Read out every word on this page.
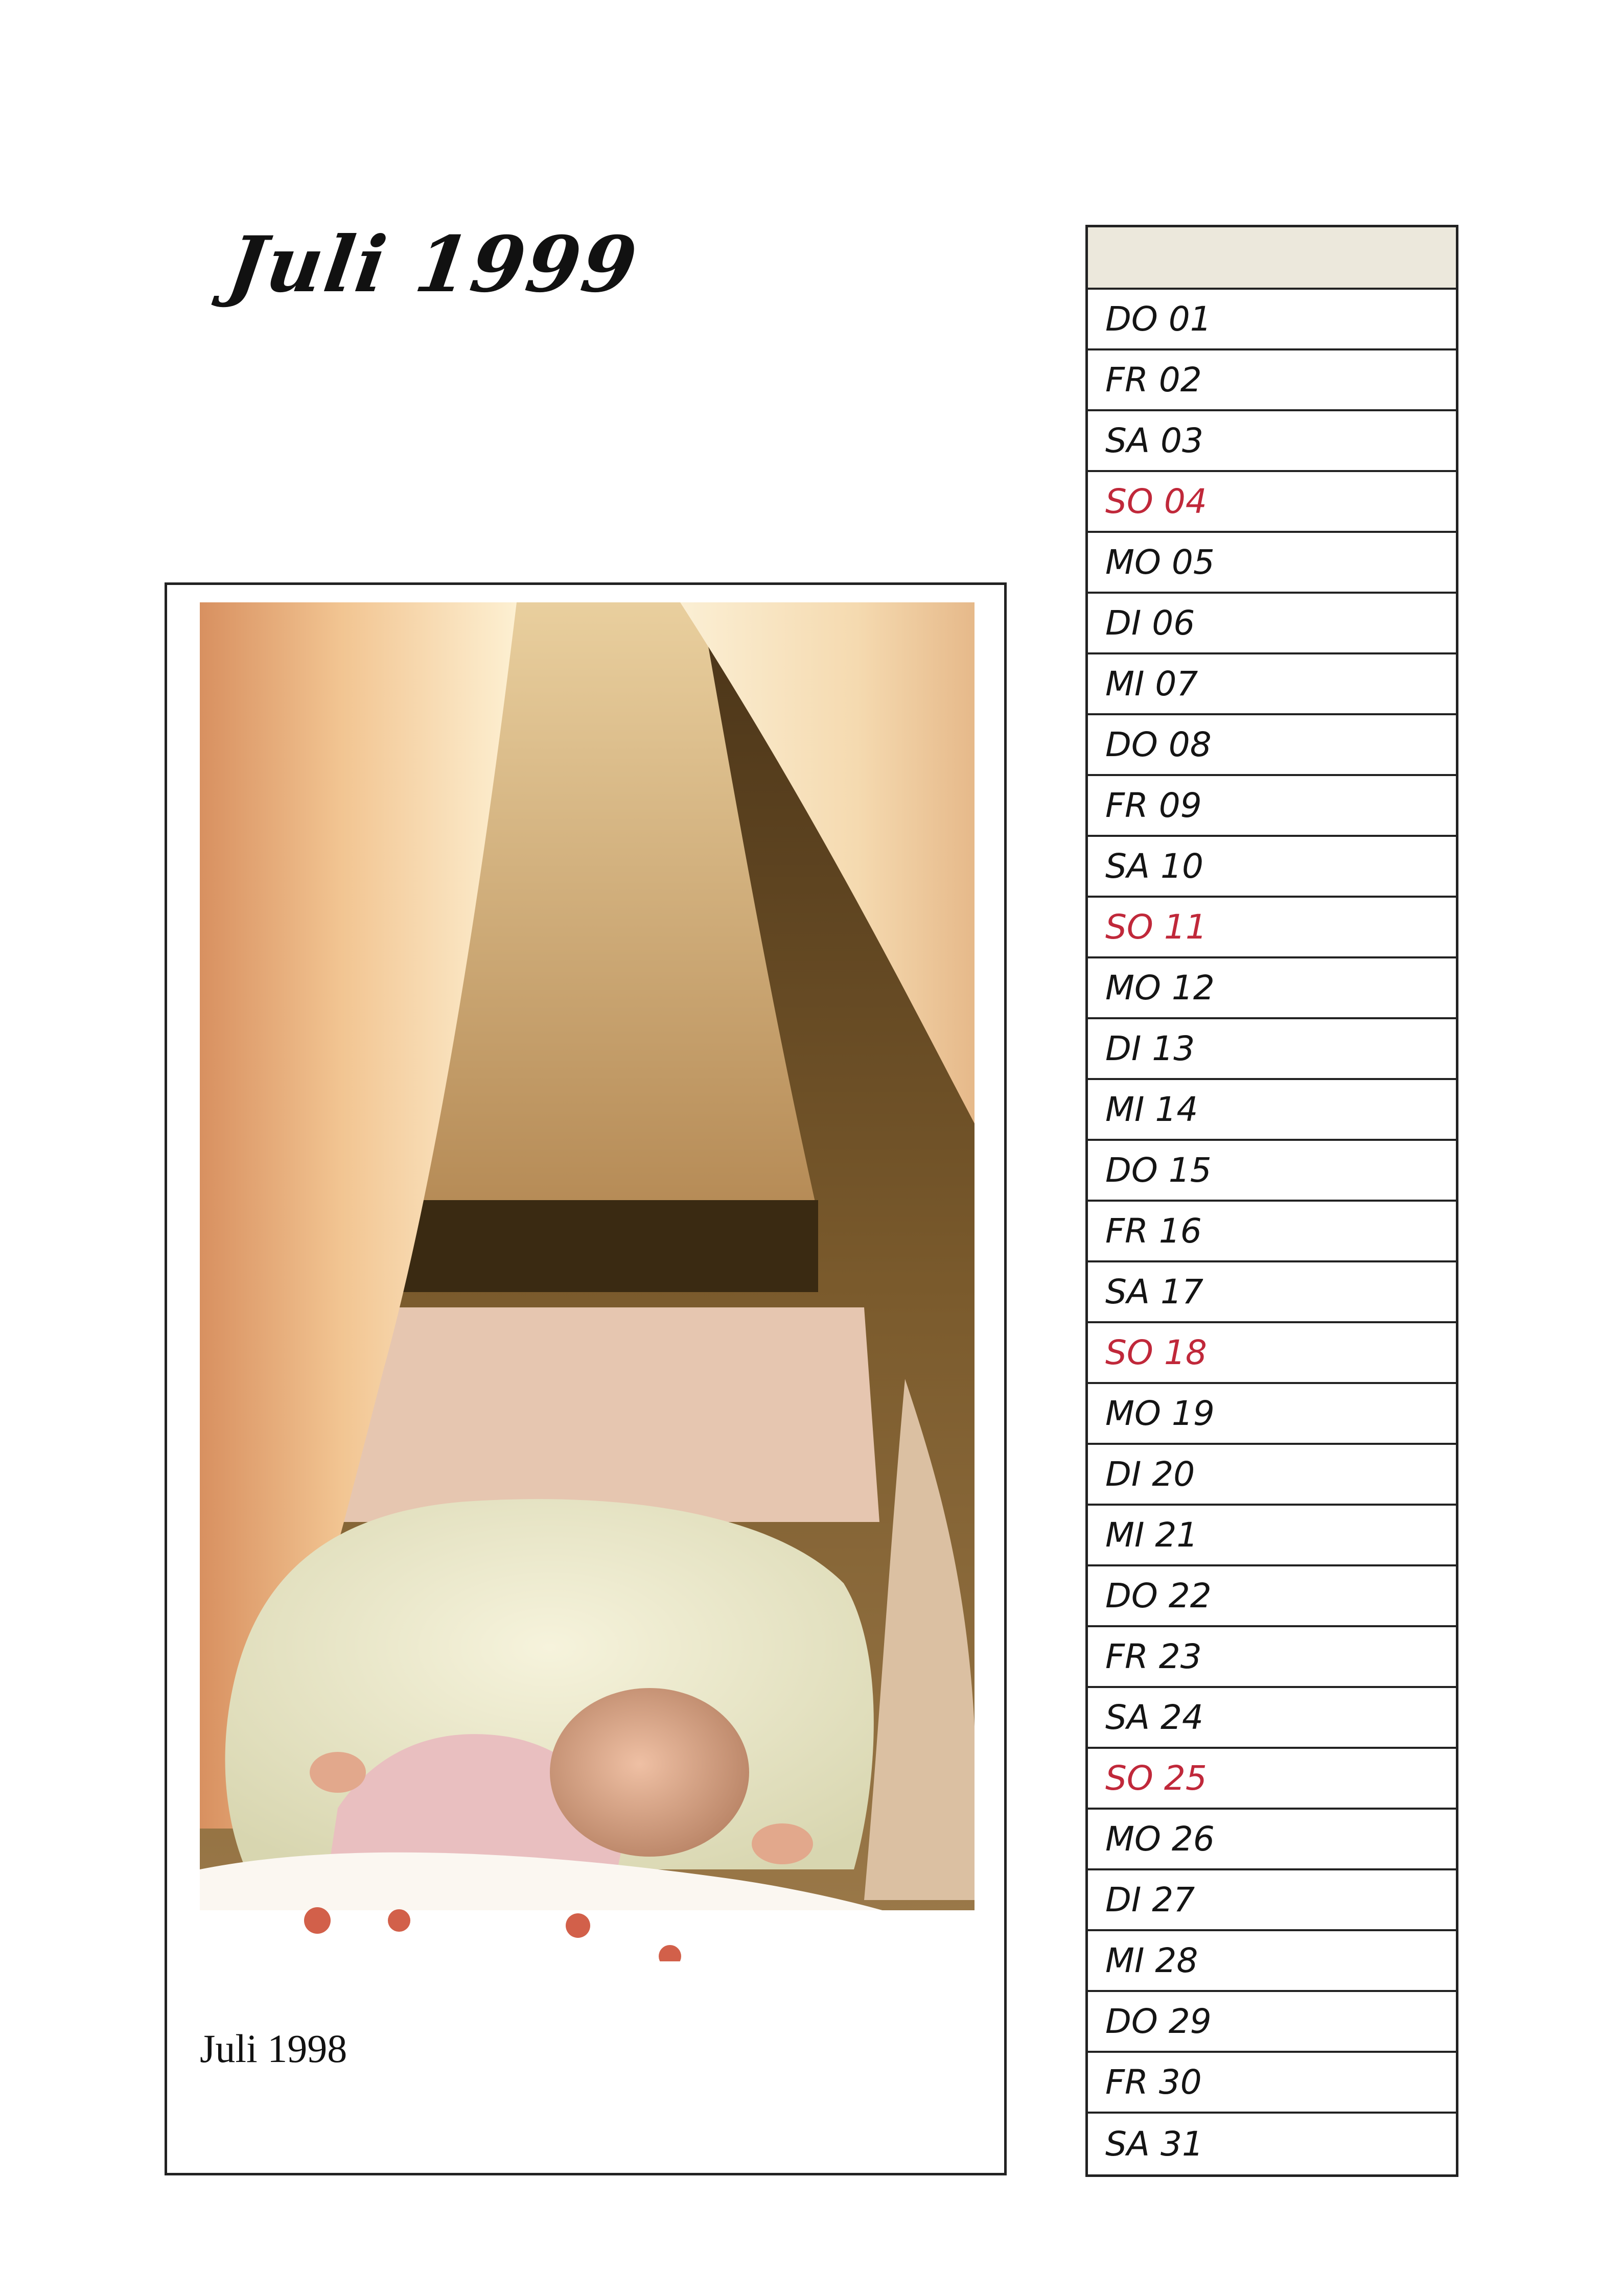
Juli 1999
Juli 1998
DO 01
FR 02
SA 03
SO 04
MO 05
DI 06
MI 07
DO 08
FR 09
SA 10
SO 11
MO 12
DI 13
MI 14
DO 15
FR 16
SA 17
SO 18
MO 19
DI 20
MI 21
DO 22
FR 23
SA 24
SO 25
MO 26
DI 27
MI 28
DO 29
FR 30
SA 31
